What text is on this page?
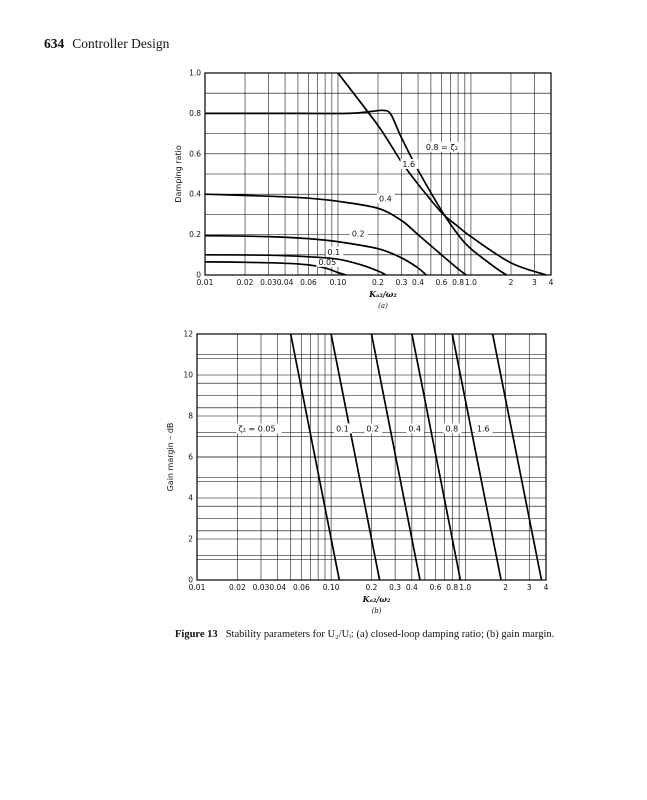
634 Controller Design
0
0.2
0.4
0.6
0.8
1.0
0.01	0.02 0.03 0.04 0.06 0.10	0.2 0.3 0.4 0.6 0.8 1.0	2 3 4
Damping ratio
Kₐ₂/ω₂
(a)
0.05
0.1
0.2
0.4
0.8 = ζ₂
1.6
0
2
4
6
8
10
12
0.01	0.02 0.03 0.04 0.06 0.10	0.2 0.3 0.4 0.6 0.8 1.0	2	3 4
Gain margin – dB
Kₐ₂/ω₂
(b)
ζ₂ = 0.05	0.1 0.2	0.4	0.8 1.6
Figure 13 Stability parameters for U₂/Uᵢ: (a) closed-loop damping ratio; (b) gain margin.
